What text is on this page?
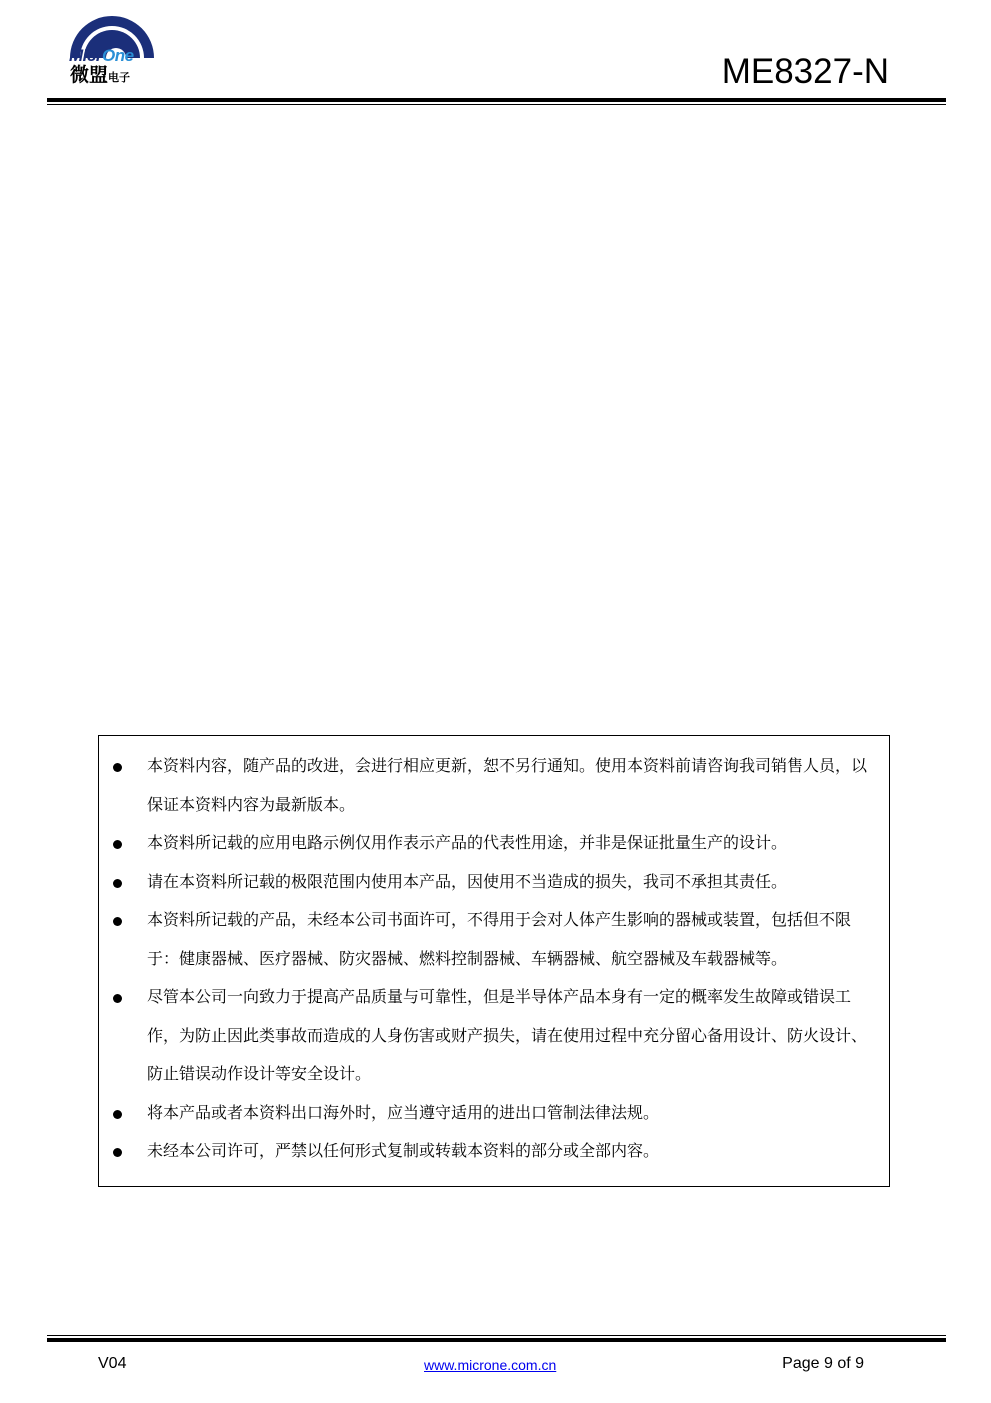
MicrOne
微盟电子	ME8327-N
本资料内容，随产品的改进，会进行相应更新，恕不另行通知。使用本资料前请咨询我司销售人员，以保证本资料内容为最新版本。
本资料所记载的应用电路示例仅用作表示产品的代表性用途，并非是保证批量生产的设计。
请在本资料所记载的极限范围内使用本产品，因使用不当造成的损失，我司不承担其责任。
本资料所记载的产品，未经本公司书面许可，不得用于会对人体产生影响的器械或装置，包括但不限于：健康器械、医疗器械、防灾器械、燃料控制器械、车辆器械、航空器械及车载器械等。
尽管本公司一向致力于提高产品质量与可靠性，但是半导体产品本身有一定的概率发生故障或错误工作，为防止因此类事故而造成的人身伤害或财产损失，请在使用过程中充分留心备用设计、防火设计、防止错误动作设计等安全设计。
将本产品或者本资料出口海外时，应当遵守适用的进出口管制法律法规。
未经本公司许可，严禁以任何形式复制或转载本资料的部分或全部内容。
V04	www.microne.com.cn	Page 9 of 9
